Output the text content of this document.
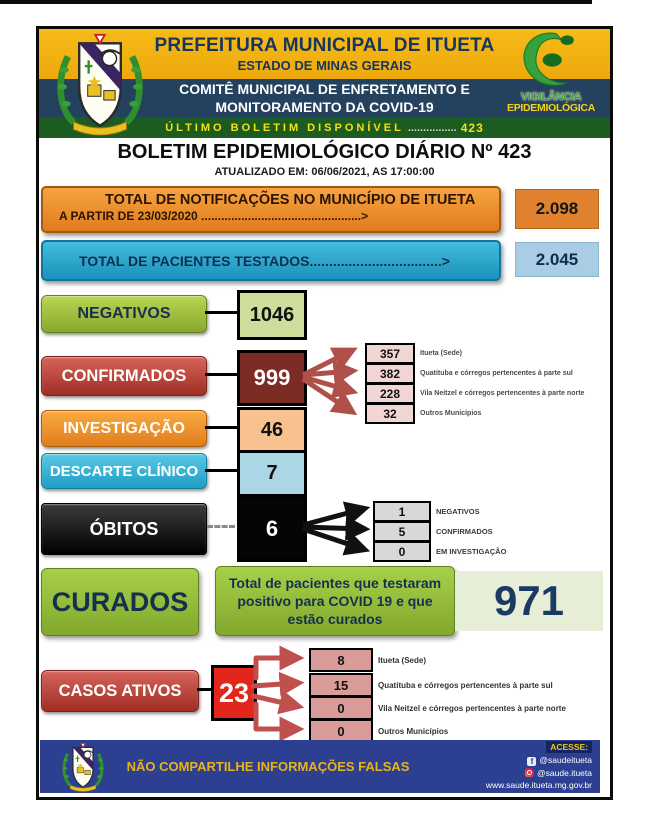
PREFEITURA MUNICIPAL DE ITUETA
ESTADO DE MINAS GERAIS
COMITÊ MUNICIPAL DE ENFRETAMENTO E
MONITORAMENTO DA COVID-19
ÚLTIMO BOLETIM DISPONÍVEL ................ 423
VIGILÂNCIA
EPIDEMIOLÓGICA
BOLETIM EPIDEMIOLÓGICO DIÁRIO Nº 423
ATUALIZADO EM: 06/06/2021, AS 17:00:00
TOTAL DE NOTIFICAÇÕES NO MUNICÍPIO DE ITUETA
A PARTIR DE 23/03/2020 ................................................>	2.098
TOTAL DE PACIENTES TESTADOS..................................>	2.045
NEGATIVOS	1046
CONFIRMADOS	999
357	Itueta (Sede)
382	Quatituba e córregos pertencentes à parte sul
228	Vila Neitzel e córregos pertencentes à parte norte
32	Outros Municípios
INVESTIGAÇÃO	46
DESCARTE CLÍNICO	7
ÓBITOS	6
1	NEGATIVOS
5	CONFIRMADOS
0	EM INVESTIGAÇÃO
CURADOS
Total de pacientes que testaram positivo para COVID 19 e que estão curados	971
CASOS ATIVOS	23
8	Itueta (Sede)
15	Quatituba e córregos pertencentes à parte sul
0	Vila Neitzel e córregos pertencentes à parte norte
0	Outros Municípios
NÃO COMPARTILHE INFORMAÇÕES FALSAS
ACESSE:
f @saudeitueta
@saude.itueta
www.saude.itueta.mg.gov.br
